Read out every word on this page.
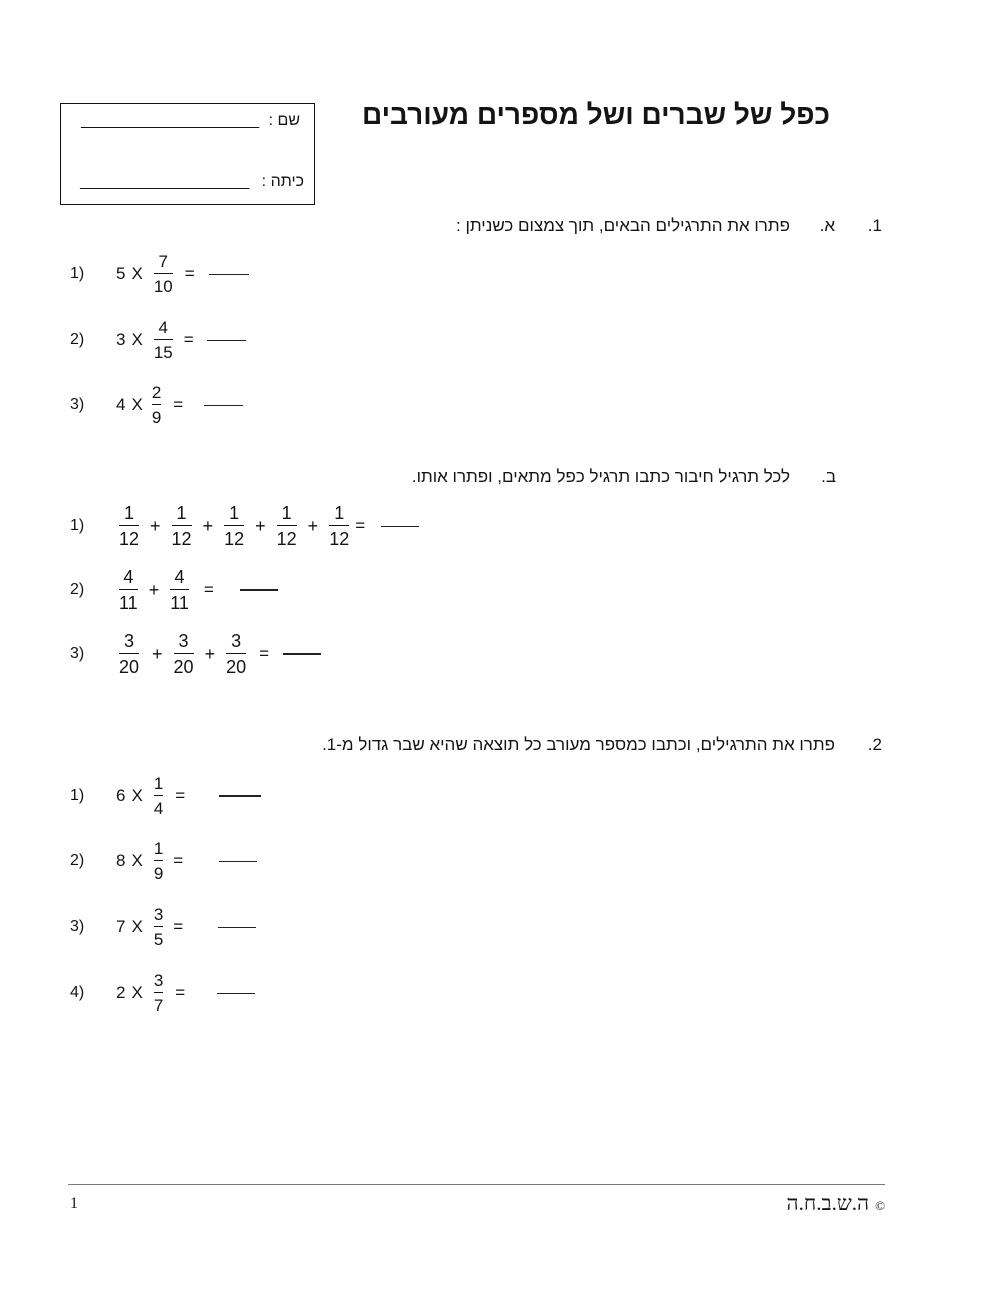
כפל של שברים ושל מספרים מעורבים
שם : ____________________
כיתה : ___________________
1.
א.
פתרו את התרגילים הבאים, תוך צמצום כשניתן :
1)	5 X $\frac{7}{10}$ =
2)	3 X $\frac{4}{15}$ =
3)	4 X $\frac{2}{9}$ =
ב.
לכל תרגיל חיבור כתבו תרגיל כפל מתאים, ופתרו אותו.
1)	$\frac{1}{12} + \frac{1}{12} + \frac{1}{12} + \frac{1}{12} + \frac{1}{12}$ =
2)	$\frac{4}{11} + \frac{4}{11}$ =
3)	$\frac{3}{20} + \frac{3}{20} + \frac{3}{20}$ =
2.
פתרו את התרגילים, וכתבו כמספר מעורב כל תוצאה שהיא שבר גדול מ-1.
1)	6 X $\frac{1}{4}$ =
2)	8 X $\frac{1}{9}$ =
3)	7 X $\frac{3}{5}$ =
4)	2 X $\frac{3}{7}$ =
1	©ה.ש.ב.ח.ה
